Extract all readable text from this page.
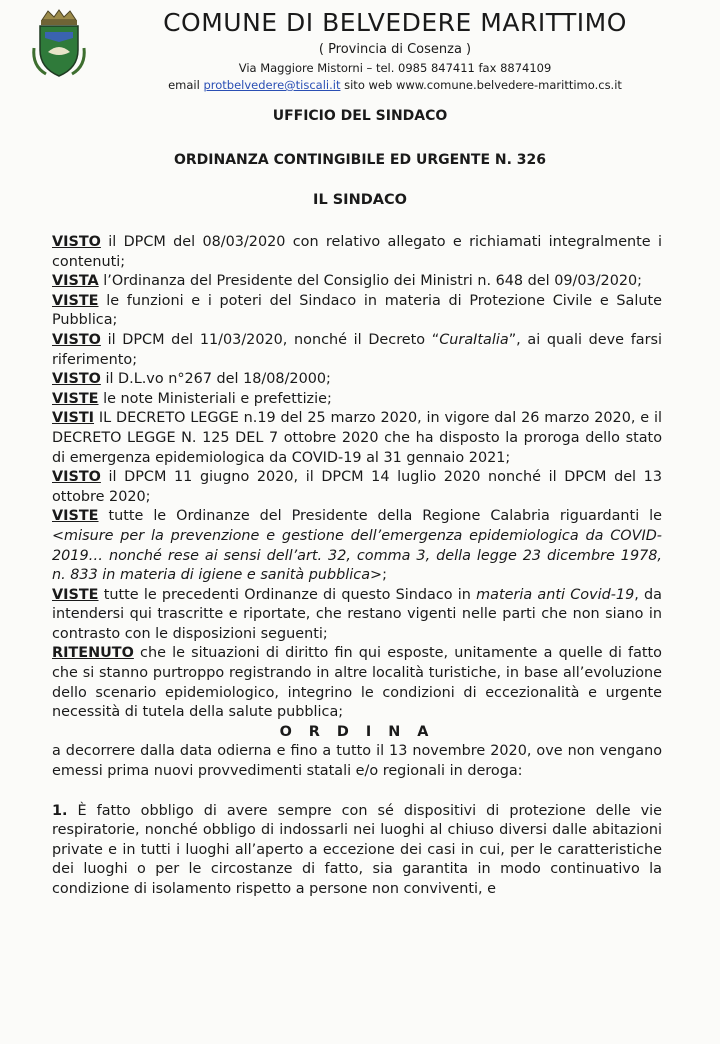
COMUNE DI BELVEDERE MARITTIMO
( Provincia di Cosenza )
Via Maggiore Mistorni – tel. 0985 847411 fax 8874109
email protbelvedere@tiscali.it sito web www.comune.belvedere-marittimo.cs.it
UFFICIO DEL SINDACO
ORDINANZA CONTINGIBILE ED URGENTE N. 326
IL SINDACO

VISTO il DPCM del 08/03/2020 con relativo allegato e richiamati integralmente i contenuti;

VISTA l’Ordinanza del Presidente del Consiglio dei Ministri n. 648 del 09/03/2020;

VISTE le funzioni e i poteri del Sindaco in materia di Protezione Civile e Salute Pubblica;

VISTO il DPCM del 11/03/2020, nonché il Decreto “CuraItalia”, ai quali deve farsi riferimento;

VISTO il D.L.vo n°267 del 18/08/2000;

VISTE le note Ministeriali e prefettizie;

VISTI IL DECRETO LEGGE n.19 del 25 marzo 2020, in vigore dal 26 marzo 2020, e il DECRETO LEGGE N. 125 DEL 7 ottobre 2020 che ha disposto la proroga dello stato di emergenza epidemiologica da COVID-19 al 31 gennaio 2021;

VISTO il DPCM 11 giugno 2020, il DPCM 14 luglio 2020 nonché il DPCM del 13 ottobre 2020;

VISTE tutte le Ordinanze del Presidente della Regione Calabria riguardanti le <misure per la prevenzione e gestione dell’emergenza epidemiologica da COVID-2019… nonché rese ai sensi dell’art. 32, comma 3, della legge 23 dicembre 1978, n. 833 in materia di igiene e sanità pubblica>;

VISTE tutte le precedenti Ordinanze di questo Sindaco in materia anti Covid-19, da intendersi qui trascritte e riportate, che restano vigenti nelle parti che non siano in contrasto con le disposizioni seguenti;

RITENUTO che le situazioni di diritto fin qui esposte, unitamente a quelle di fatto che si stanno purtroppo registrando in altre località turistiche, in base all’evoluzione dello scenario epidemiologico, integrino le condizioni di eccezionalità e urgente necessità di tutela della salute pubblica;

O R D I N A

a decorrere dalla data odierna e fino a tutto il 13 novembre 2020, ove non vengano emessi prima nuovi provvedimenti statali e/o regionali in deroga:

1. È fatto obbligo di avere sempre con sé dispositivi di protezione delle vie respiratorie, nonché obbligo di indossarli nei luoghi al chiuso diversi dalle abitazioni private e in tutti i luoghi all’aperto a eccezione dei casi in cui, per le caratteristiche dei luoghi o per le circostanze di fatto, sia garantita in modo continuativo la condizione di isolamento rispetto a persone non conviventi, e
